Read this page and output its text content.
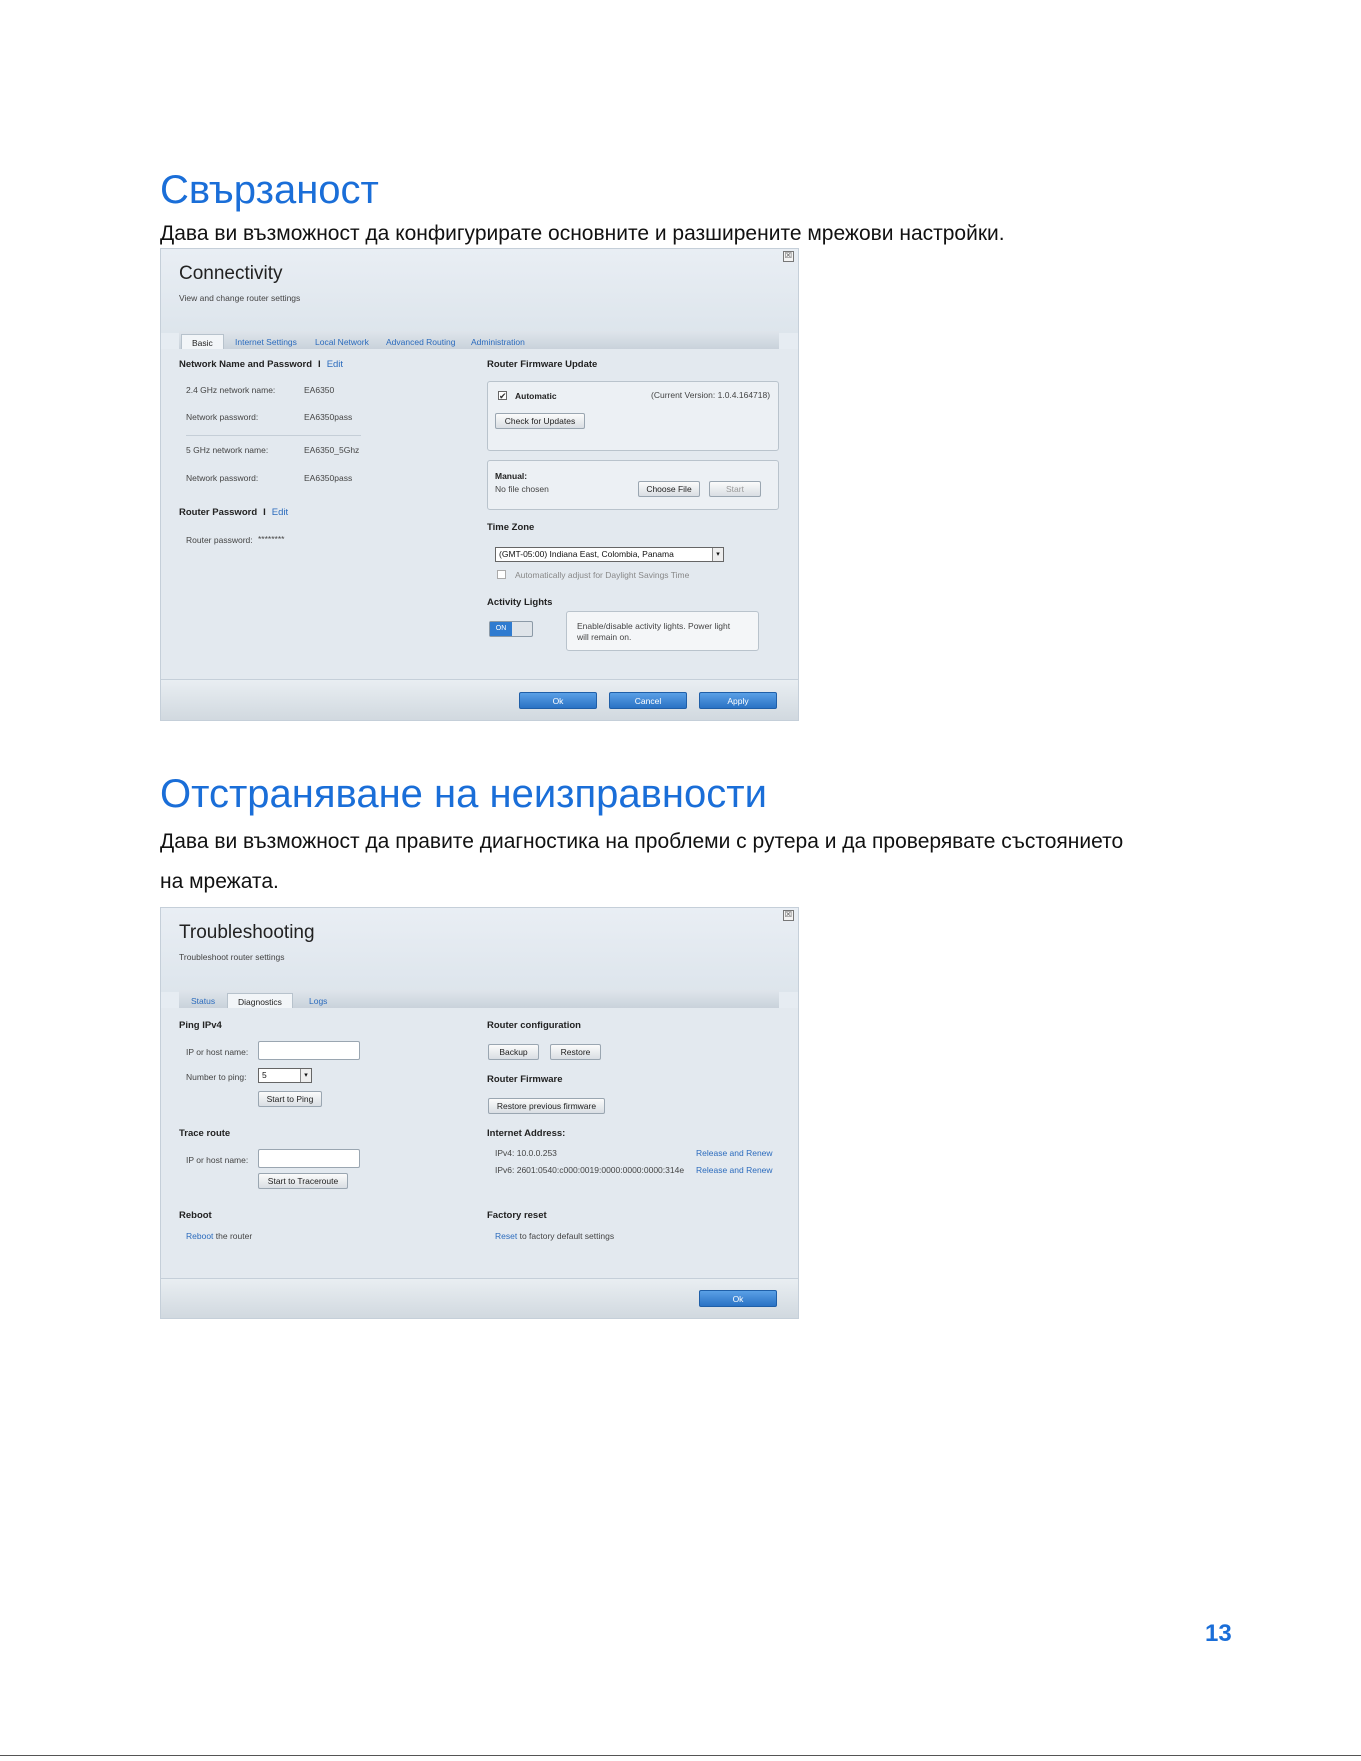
Свързаност

Дава ви възможност да конфигурирате основните и разширените мрежови настройки.

Connectivity
View and change router settings
☒
Basic	Internet Settings	Local Network	Advanced Routing	Administration
Network Name and Password I Edit
2.4 GHz network name:	EA6350
Network password:	EA6350pass
5 GHz network name:	EA6350_5Ghz
Network password:	EA6350pass
Router Password I Edit
Router password: ********
Router Firmware Update
✔ Automatic	(Current Version: 1.0.4.164718)
Check for Updates
Manual:
No file chosen	Choose File	Start
Time Zone
(GMT-05:00) Indiana East, Colombia, Panama	▾
Automatically adjust for Daylight Savings Time
Activity Lights
ON	Enable/disable activity lights. Power light
will remain on.
Ok	Cancel	Apply
Отстраняване на неизправности

Дава ви възможност да правите диагностика на проблеми с рутера и да проверявате състоянието

на мрежата.

Troubleshooting
Troubleshoot router settings
☒
Status	Diagnostics	Logs
Ping IPv4
IP or host name:
Number to ping:	5	▾
Start to Ping
Trace route
IP or host name:
Start to Traceroute
Reboot
Reboot the router
Router configuration
Backup	Restore
Router Firmware
Restore previous firmware
Internet Address:
IPv4: 10.0.0.253	Release and Renew
IPv6: 2601:0540:c000:0019:0000:0000:0000:314e Release and Renew
Factory reset
Reset to factory default settings
Ok
13
